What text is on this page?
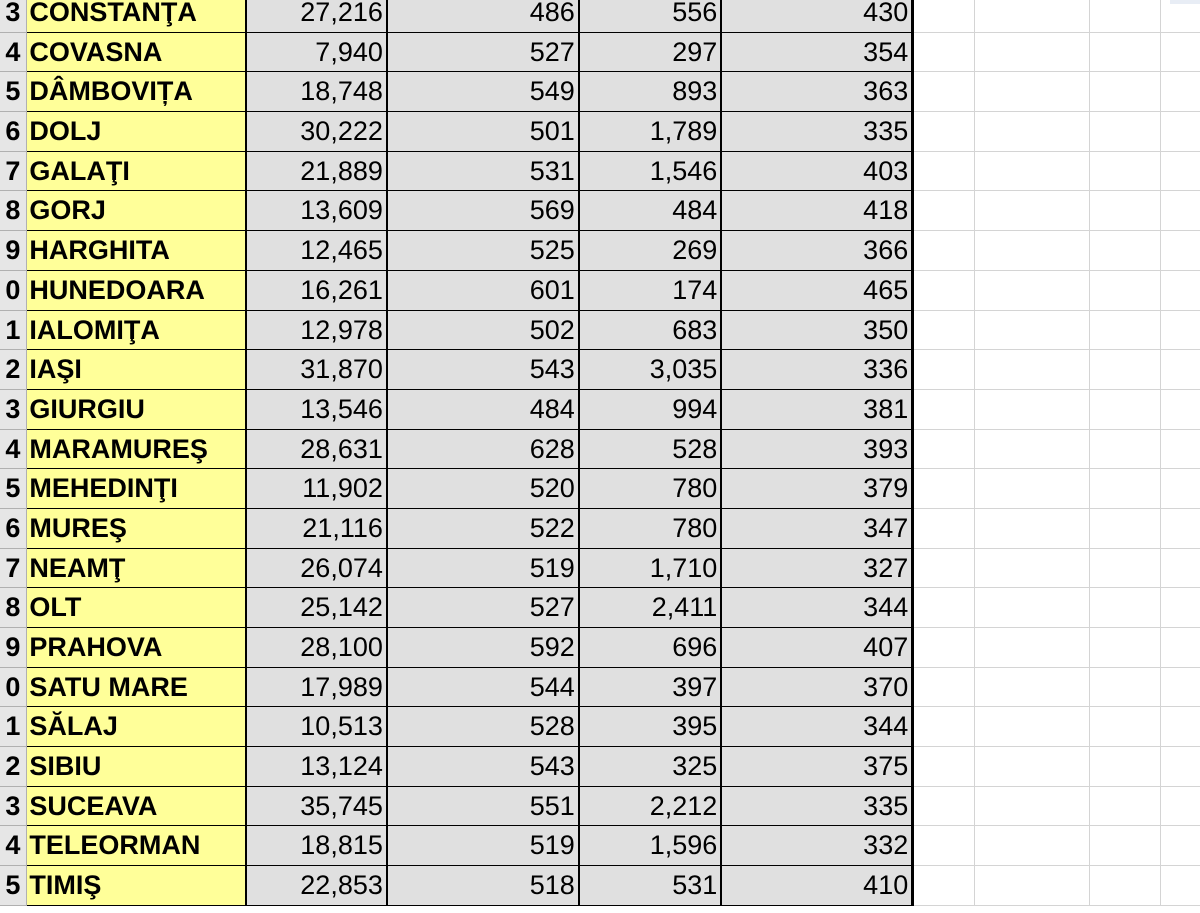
3 CONSTANŢA	27,216	486	556	430
4 COVASNA	7,940	527	297	354
5 DÂMBOVIȚA	18,748	549	893	363
6 DOLJ	30,222	501	1,789	335
7 GALAŢI	21,889	531	1,546	403
8 GORJ	13,609	569	484	418
9 HARGHITA	12,465	525	269	366
0 HUNEDOARA	16,261	601	174	465
1 IALOMIŢA	12,978	502	683	350
2 IAŞI	31,870	543	3,035	336
3 GIURGIU	13,546	484	994	381
4 MARAMUREŞ	28,631	628	528	393
5 MEHEDINŢI	11,902	520	780	379
6 MUREŞ	21,116	522	780	347
7 NEAMŢ	26,074	519	1,710	327
8 OLT	25,142	527	2,411	344
9 PRAHOVA	28,100	592	696	407
0 SATU MARE	17,989	544	397	370
1 SĂLAJ	10,513	528	395	344
2 SIBIU	13,124	543	325	375
3 SUCEAVA	35,745	551	2,212	335
4 TELEORMAN	18,815	519	1,596	332
5 TIMIŞ	22,853	518	531	410
